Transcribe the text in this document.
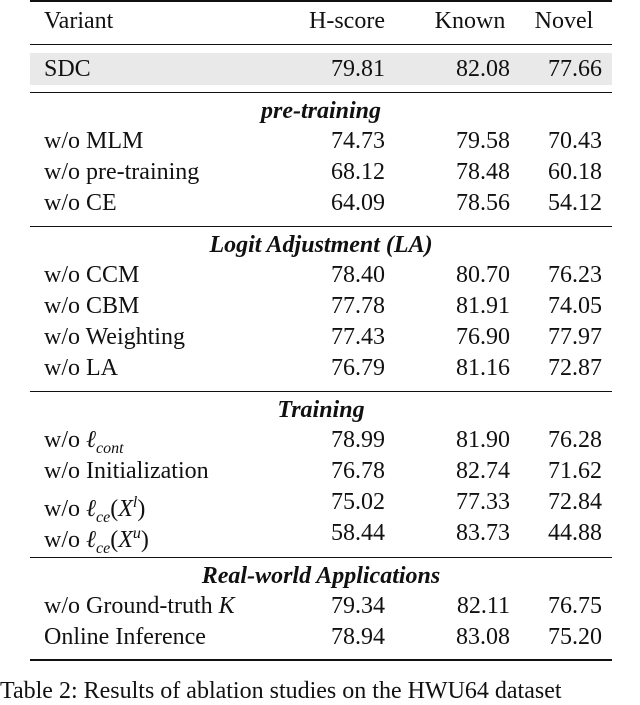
Variant	H-score	Known	Novel
SDC	79.81	82.08	77.66
pre-training
w/o MLM	74.73	79.58	70.43
w/o pre-training	68.12	78.48	60.18
w/o CE	64.09	78.56	54.12
Logit Adjustment (LA)
w/o CCM	78.40	80.70	76.23
w/o CBM	77.78	81.91	74.05
w/o Weighting	77.43	76.90	77.97
w/o LA	76.79	81.16	72.87
Training
w/o ℓ$_{cont}$	78.99	81.90	76.28
w/o Initialization	76.78	82.74	71.62
w/o $\ell_{ce}(X^l)$	75.02	77.33	72.84
w/o $\ell_{ce}(X^u)$	58.44	83.73	44.88
Real-world Applications
w/o Ground-truth K	79.34	82.11	76.75
Online Inference	78.94	83.08	75.20
Table 2: Results of ablation studies on the HWU64 dataset
